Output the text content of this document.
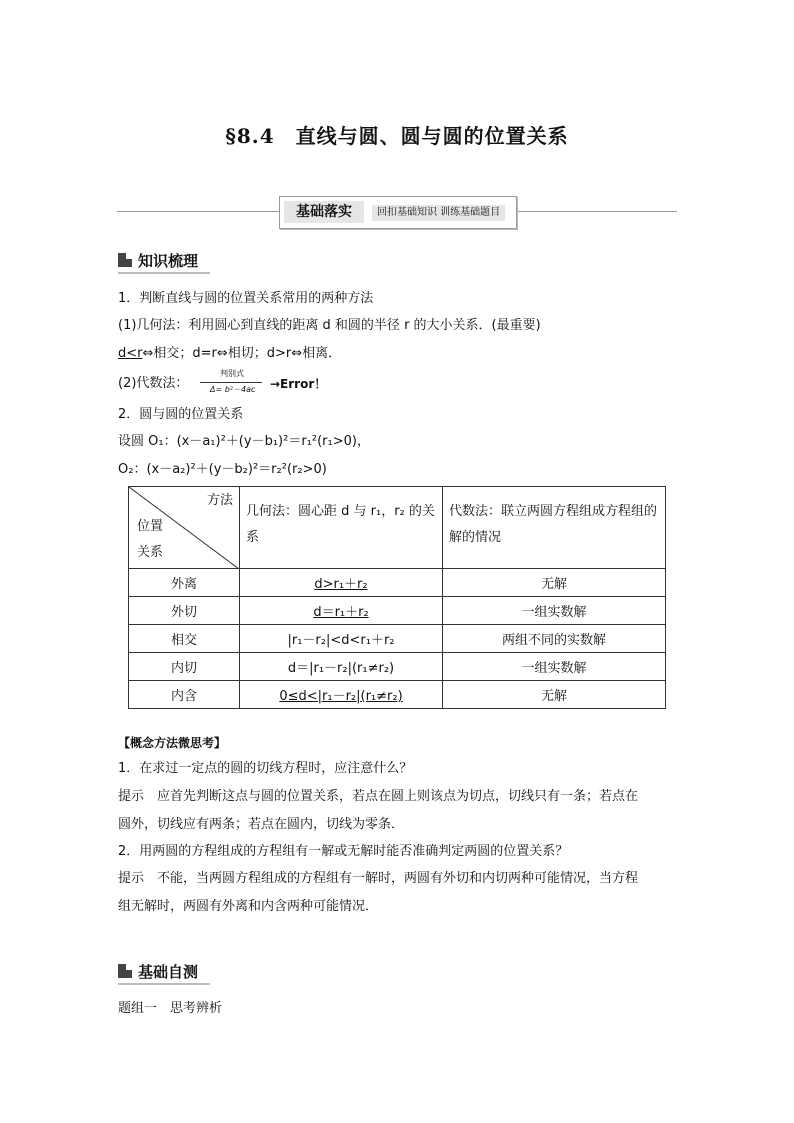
§8.4　直线与圆、圆与圆的位置关系
基础落实	回扣基础知识 训练基础题目
知识梳理
1．判断直线与圆的位置关系常用的两种方法
(1)几何法：利用圆心到直线的距离 d 和圆的半径 r 的大小关系．(最重要)
d<r⇔相交；d=r⇔相切；d>r⇔相离．
(2)代数法：
判别式
Δ= b²－4ac →Error！
2．圆与圆的位置关系
设圆 O₁：(x－a₁)²＋(y－b₁)²＝r₁²(r₁>0)，
O₂：(x－a₂)²＋(y－b₂)²＝r₂²(r₂>0)
方法
位置
关系	几何法：圆心距 d 与 r₁，r₂ 的关系	代数法：联立两圆方程组成方程组的解的情况
外离	d>r₁＋r₂	无解
外切	d＝r₁＋r₂	一组实数解
相交	|r₁－r₂|<d<r₁＋r₂	两组不同的实数解
内切	d＝|r₁－r₂|(r₁≠r₂)	一组实数解
内含	0≤d<|r₁－r₂|(r₁≠r₂)	无解
【概念方法微思考】
1．在求过一定点的圆的切线方程时，应注意什么？
提示　应首先判断这点与圆的位置关系，若点在圆上则该点为切点，切线只有一条；若点在
圆外，切线应有两条；若点在圆内，切线为零条．
2．用两圆的方程组成的方程组有一解或无解时能否准确判定两圆的位置关系？
提示　不能，当两圆方程组成的方程组有一解时，两圆有外切和内切两种可能情况，当方程
组无解时，两圆有外离和内含两种可能情况．
基础自测
题组一　思考辨析
